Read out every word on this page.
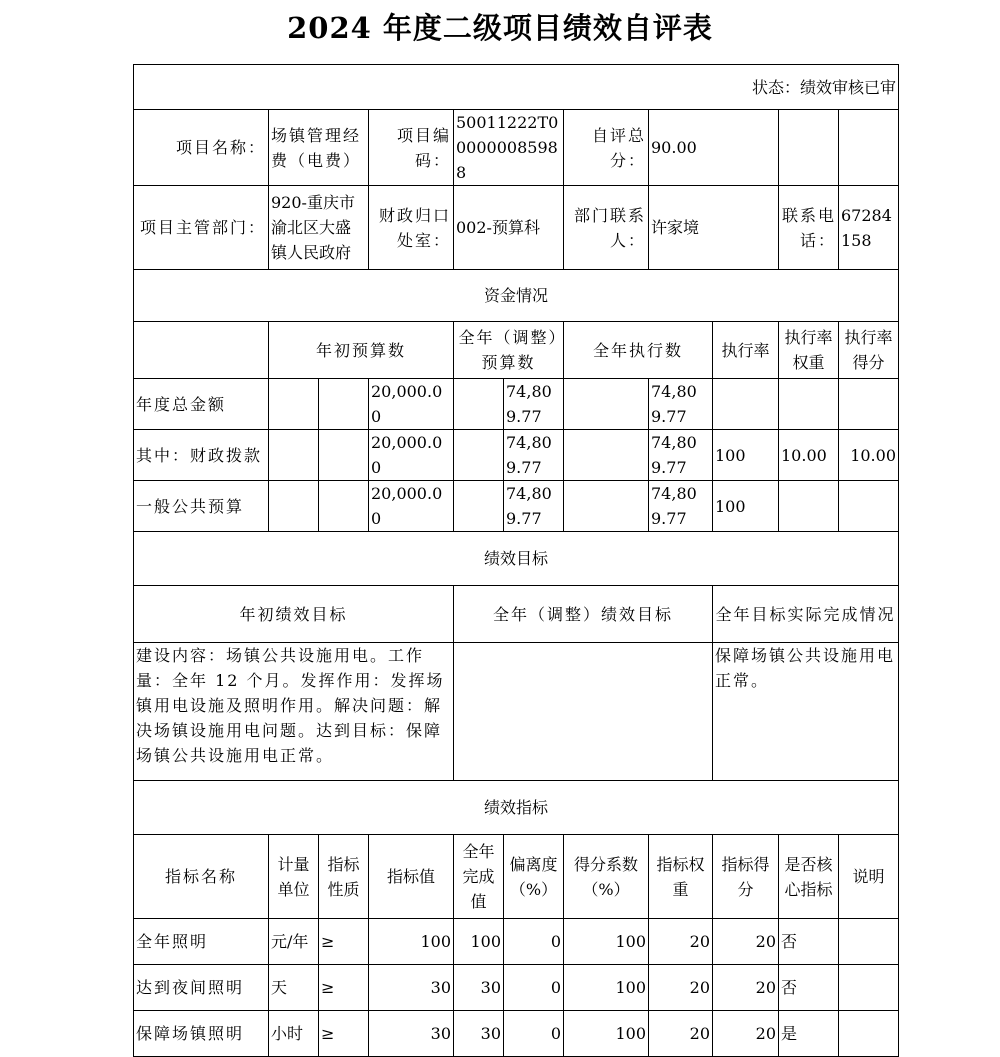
2024 年度二级项目绩效自评表
状态：绩效审核已审										
项目名称：	场镇管理经费（电费）		项目编码：	50011222T000000085988		自评总分：	90.00			
项目主管部门：	920-重庆市渝北区大盛镇人民政府		财政归口处室：	002-预算科		部门联系人：	许家境		联系电话：	67284158
资金情况										
	年初预算数			全年（调整）预算数		全年执行数		执行率	执行率权重	执行率得分
年度总金额			20,000.00		74,809.77		74,809.77			
其中：财政拨款			20,000.00		74,809.77		74,809.77	100	10.00	10.00
一般公共预算			20,000.00		74,809.77		74,809.77	100		
绩效目标										
年初绩效目标				全年（调整）绩效目标				全年目标实际完成情况		
建设内容：场镇公共设施用电。工作量：全年 12 个月。发挥作用：发挥场镇用电设施及照明作用。解决问题：解决场镇设施用电问题。达到目标：保障场镇公共设施用电正常。								保障场镇公共设施用电正常。		
绩效指标										
指标名称	计量单位	指标性质	指标值	全年完成值	偏离度（%）	得分系数（%）	指标权重	指标得分	是否核心指标	说明
全年照明	元/年	≥	100	100	0	100	20	20	否	
达到夜间照明	天	≥	30	30	0	100	20	20	否	
保障场镇照明	小时	≥	30	30	0	100	20	20	是	
